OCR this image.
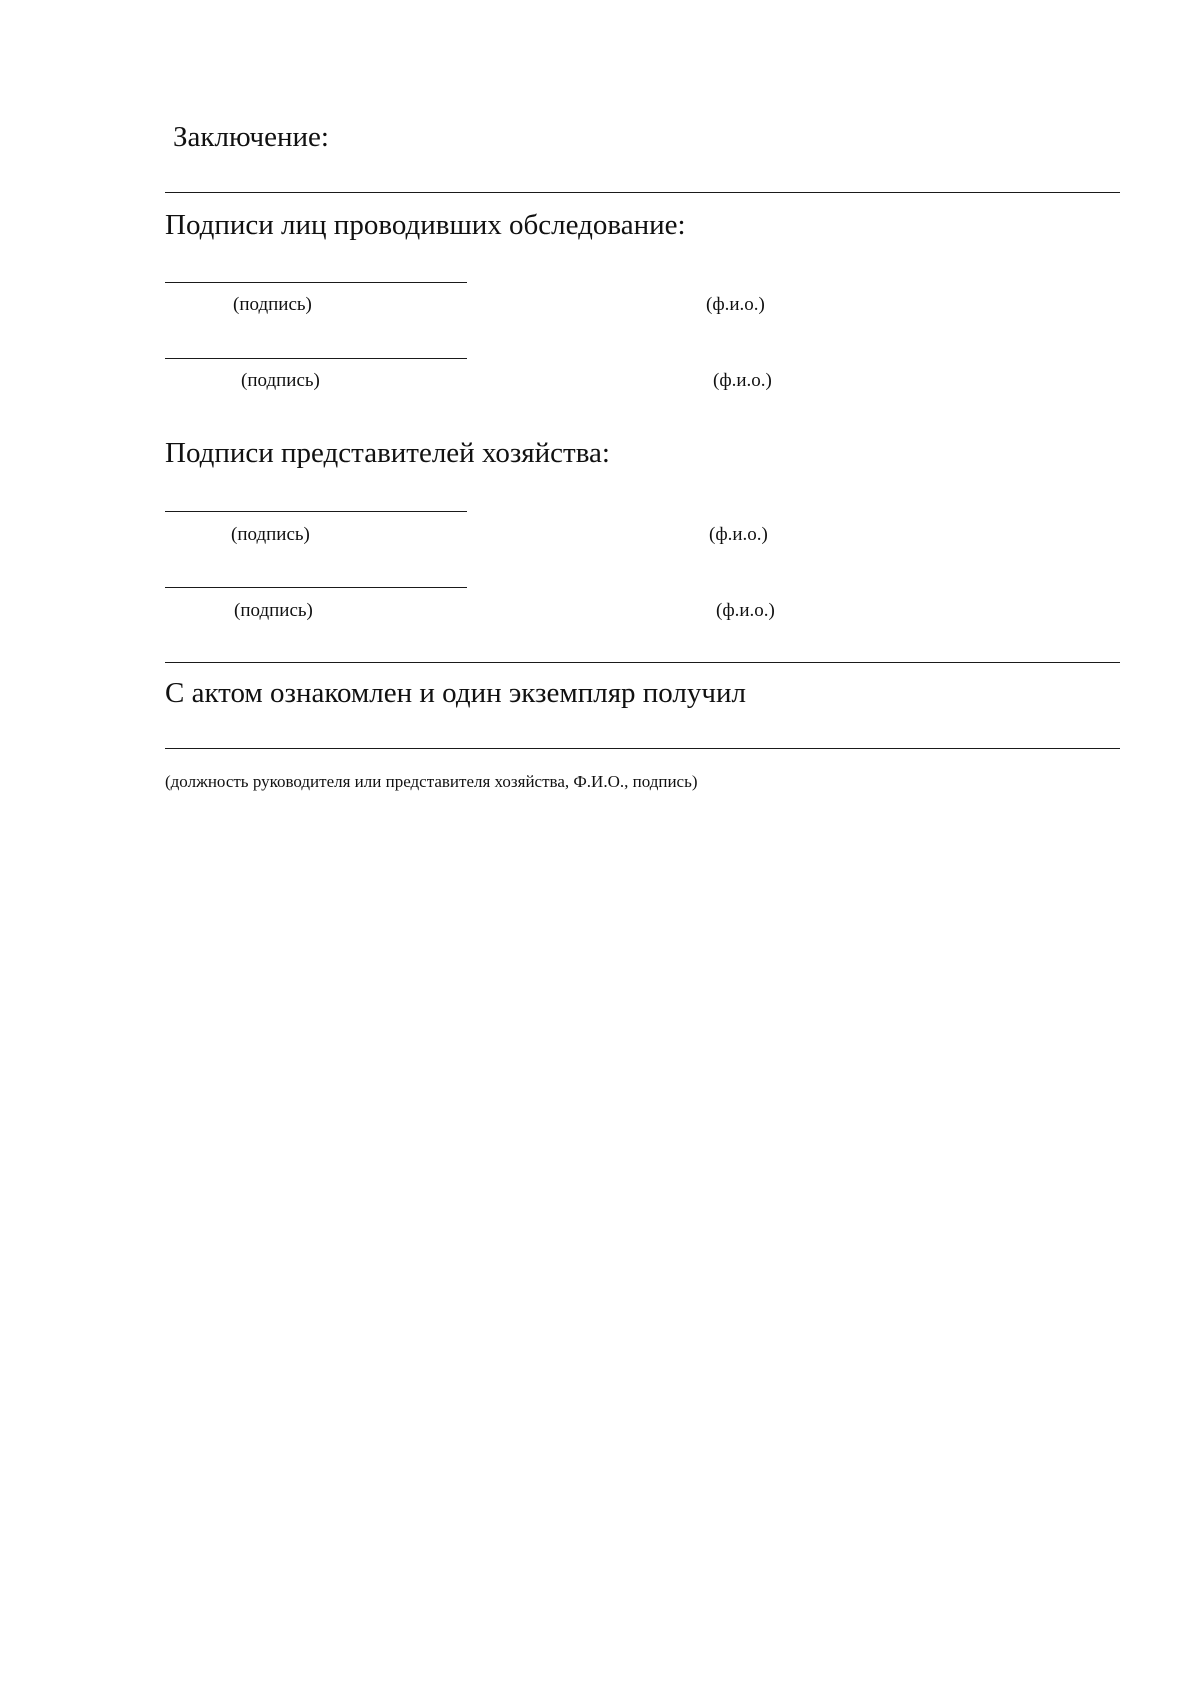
Заключение:
Подписи лиц проводивших обследование:
(подпись)	(ф.и.о.)
(подпись)	(ф.и.о.)
Подписи представителей хозяйства:
(подпись)	(ф.и.о.)
(подпись)	(ф.и.о.)
С актом ознакомлен и один экземпляр получил
(должность руководителя или представителя хозяйства, Ф.И.О., подпись)
